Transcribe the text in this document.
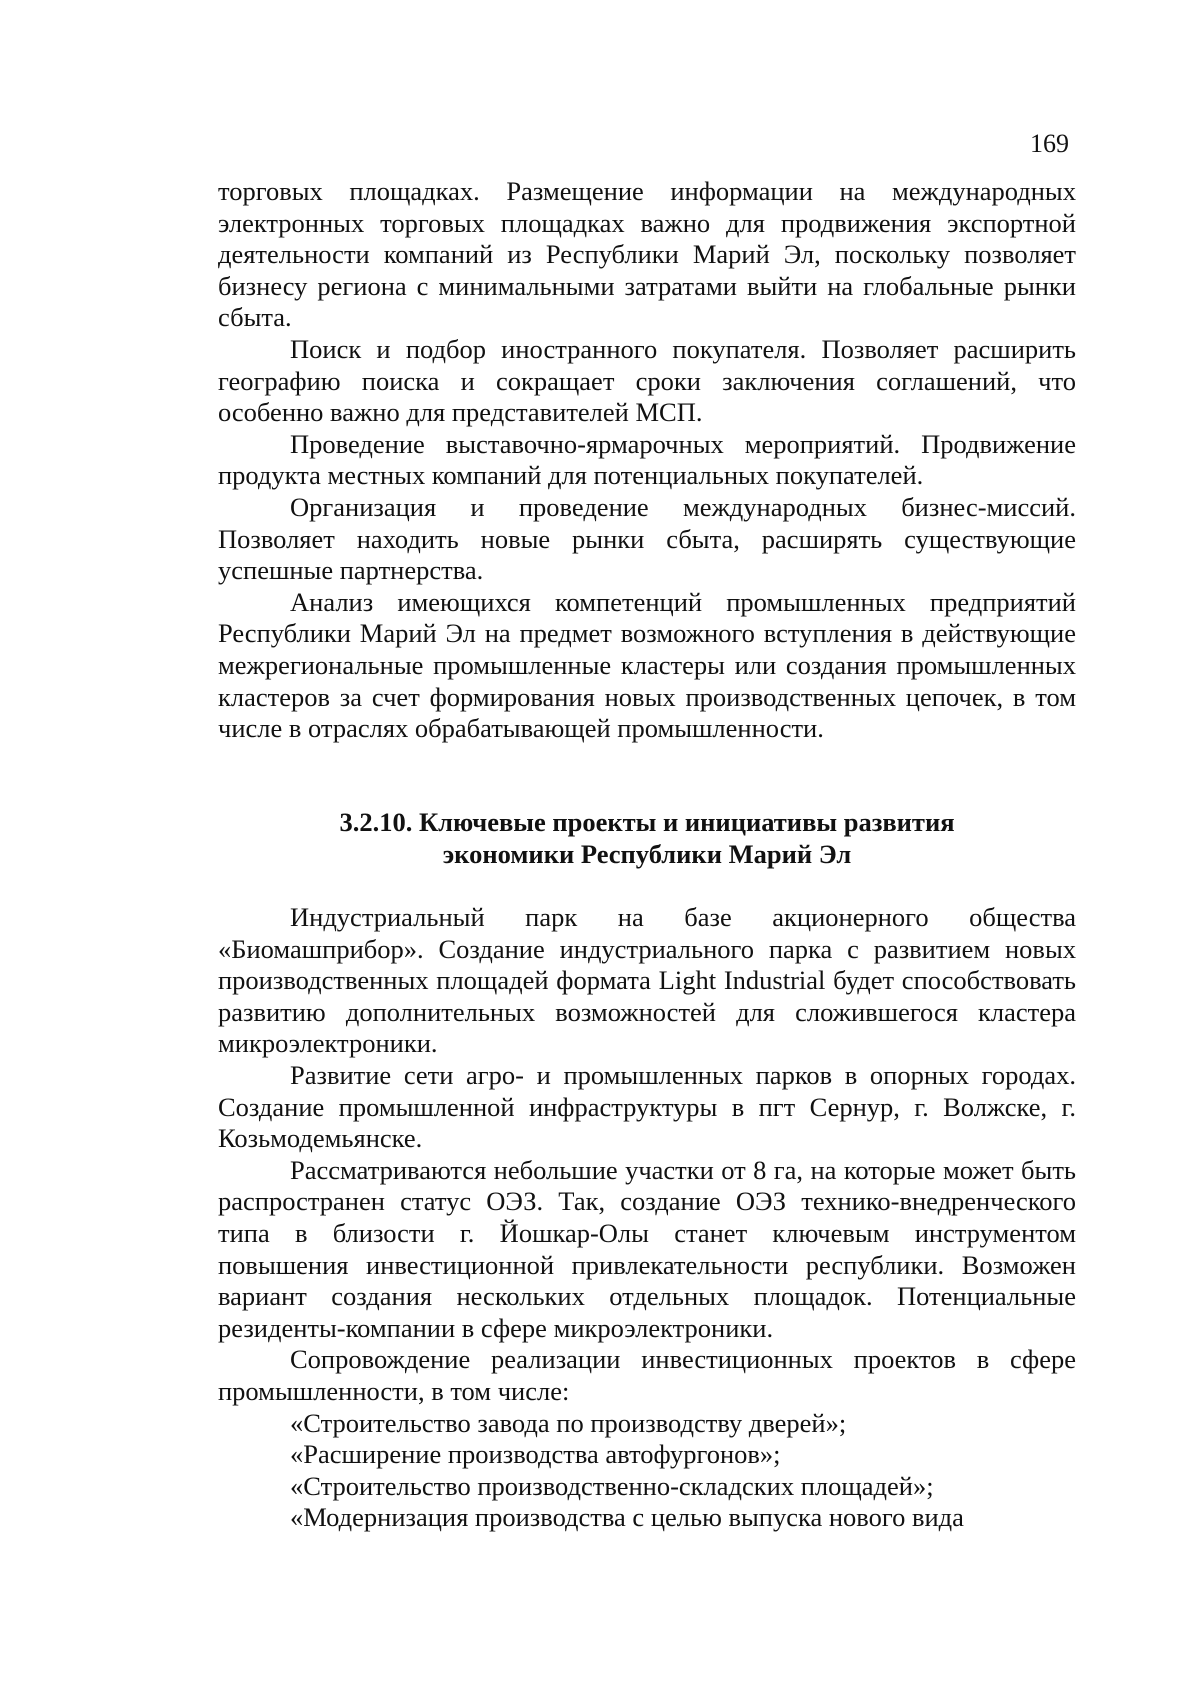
169

торговых площадках. Размещение информации на международных электронных торговых площадках важно для продвижения экспортной деятельности компаний из Республики Марий Эл, поскольку позволяет бизнесу региона с минимальными затратами выйти на глобальные рынки сбыта.

Поиск и подбор иностранного покупателя. Позволяет расширить географию поиска и сокращает сроки заключения соглашений, что особенно важно для представителей МСП.

Проведение выставочно-ярмарочных мероприятий. Продвижение продукта местных компаний для потенциальных покупателей.

Организация и проведение международных бизнес-миссий. Позволяет находить новые рынки сбыта, расширять существующие успешные партнерства.

Анализ имеющихся компетенций промышленных предприятий Республики Марий Эл на предмет возможного вступления в действующие межрегиональные промышленные кластеры или создания промышленных кластеров за счет формирования новых производственных цепочек, в том числе в отраслях обрабатывающей промышленности.

3.2.10. Ключевые проекты и инициативы развития
экономики Республики Марий Эл

Индустриальный парк на базе акционерного общества «Биомашприбор». Создание индустриального парка с развитием новых производственных площадей формата Light Industrial будет способствовать развитию дополнительных возможностей для сложившегося кластера микроэлектроники.

Развитие сети агро- и промышленных парков в опорных городах. Создание промышленной инфраструктуры в пгт Сернур, г. Волжске, г. Козьмодемьянске.

Рассматриваются небольшие участки от 8 га, на которые может быть распространен статус ОЭЗ. Так, создание ОЭЗ технико-внедренческого типа в близости г. Йошкар-Олы станет ключевым инструментом повышения инвестиционной привлекательности республики. Возможен вариант создания нескольких отдельных площадок. Потенциальные резиденты-компании в сфере микроэлектроники.

Сопровождение реализации инвестиционных проектов в сфере промышленности, в том числе:

«Строительство завода по производству дверей»;

«Расширение производства автофургонов»;

«Строительство производственно-складских площадей»;

«Модернизация производства с целью выпуска нового вида
